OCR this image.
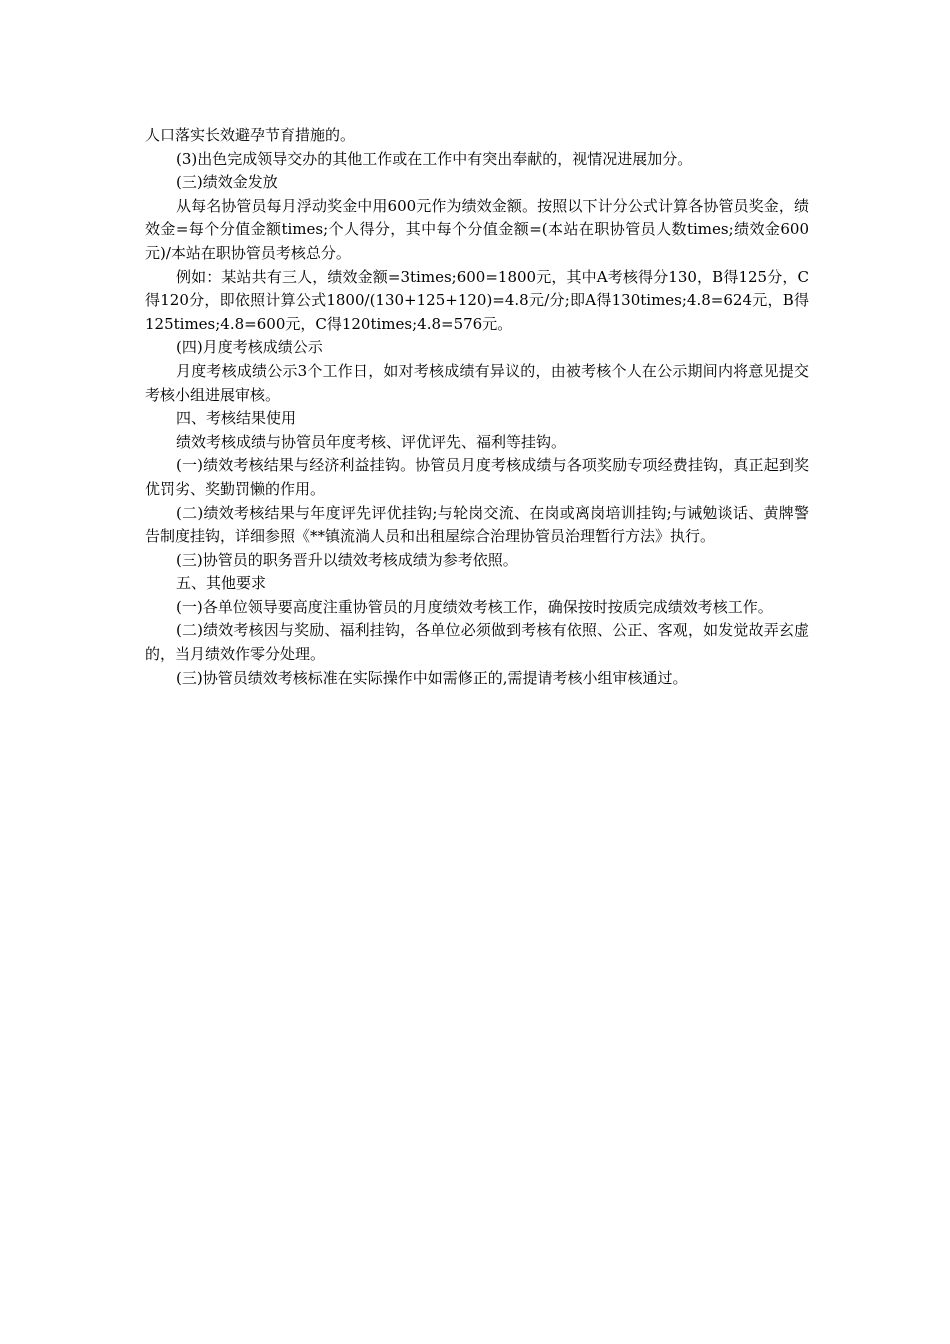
人口落实长效避孕节育措施的。

(3)出色完成领导交办的其他工作或在工作中有突出奉献的，视情况进展加分。

(三)绩效金发放

从每名协管员每月浮动奖金中用600元作为绩效金额。按照以下计分公式计算各协管员奖金，绩效金=每个分值金额times;个人得分，其中每个分值金额=(本站在职协管员人数times;绩效金600元)/本站在职协管员考核总分。

例如：某站共有三人，绩效金额=3times;600=1800元，其中A考核得分130，B得125分，C得120分，即依照计算公式1800/(130+125+120)=4.8元/分;即A得130times;4.8=624元，B得125times;4.8=600元，C得120times;4.8=576元。

(四)月度考核成绩公示

月度考核成绩公示3个工作日，如对考核成绩有异议的，由被考核个人在公示期间内将意见提交考核小组进展审核。

四、考核结果使用

绩效考核成绩与协管员年度考核、评优评先、福利等挂钩。

(一)绩效考核结果与经济利益挂钩。协管员月度考核成绩与各项奖励专项经费挂钩，真正起到奖优罚劣、奖勤罚懒的作用。

(二)绩效考核结果与年度评先评优挂钩;与轮岗交流、在岗或离岗培训挂钩;与诫勉谈话、黄牌警告制度挂钩，详细参照《**镇流淌人员和出租屋综合治理协管员治理暂行方法》执行。

(三)协管员的职务晋升以绩效考核成绩为参考依照。

五、其他要求

(一)各单位领导要高度注重协管员的月度绩效考核工作，确保按时按质完成绩效考核工作。

(二)绩效考核因与奖励、福利挂钩，各单位必须做到考核有依照、公正、客观，如发觉故弄玄虚的，当月绩效作零分处理。

(三)协管员绩效考核标准在实际操作中如需修正的,需提请考核小组审核通过。
